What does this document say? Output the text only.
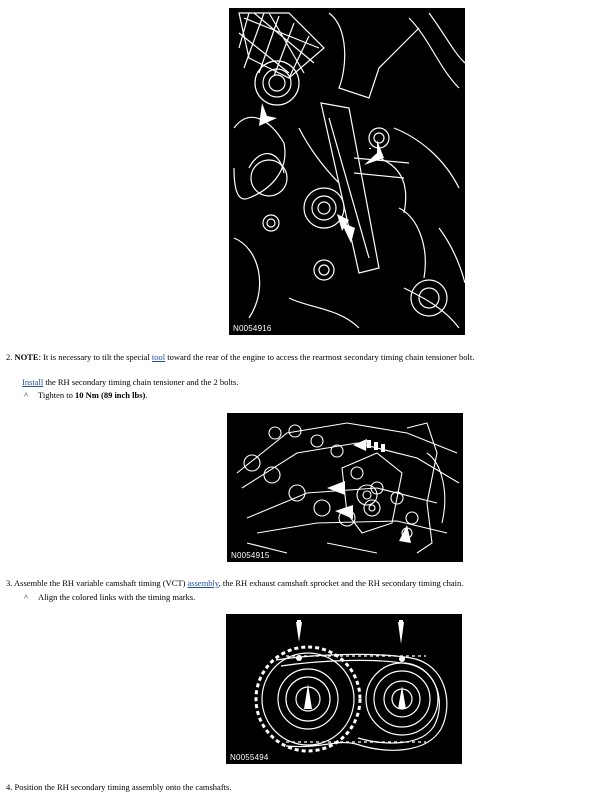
N0054916
2. NOTE: It is necessary to tilt the special tool toward the rear of the engine to access the rearmost secondary timing chain tensioner bolt.
Install the RH secondary timing chain tensioner and the 2 bolts.
^ Tighten to 10 Nm (89 inch lbs).
N0054915
3. Assemble the RH variable camshaft timing (VCT) assembly, the RH exhaust camshaft sprocket and the RH secondary timing chain.
^ Align the colored links with the timing marks.
N0055494
4. Position the RH secondary timing assembly onto the camshafts.
